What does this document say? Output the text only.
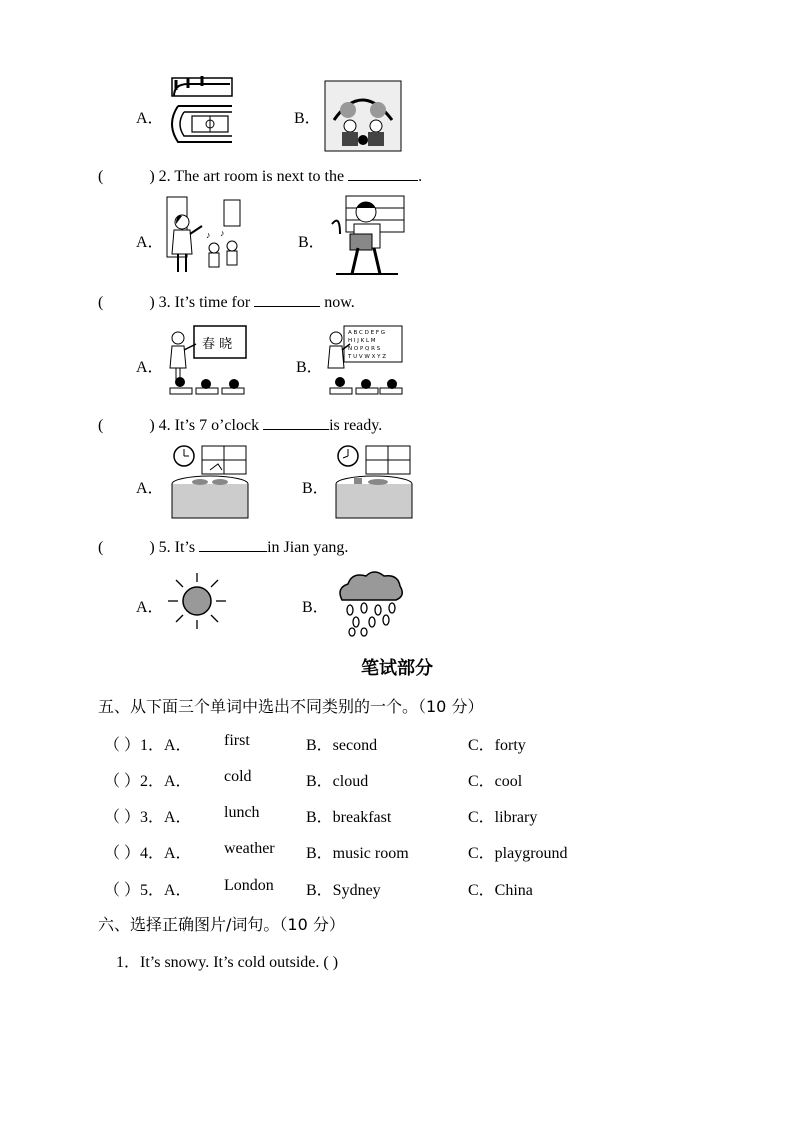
A．	B．
(	) 2. The art room is next to the	.
A．	♪ ♪
B．
(	) 3. It’s time for	now.
A．
春 晓
B．
A B C D E F G
H I J K L M
N O P Q R S
T U V W X Y Z
(	) 4. It’s 7 o’clock	is ready.
A．	B．
(	) 5. It’s	in Jian yang.
A．	B．
笔试部分
五、从下面三个单词中选出不同类别的一个。（10 分）
（ ）1．A． first	B．second	C．forty
（ ）2．A． cold	B．cloud	C．cool
（ ）3．A． lunch	B．breakfast	C．library
（ ）4．A． weather B．music room	C．playground
（ ）5．A． London B．Sydney	C．China
六、选择正确图片/词句。（10 分）
1．It’s snowy. It’s cold outside. ( )
